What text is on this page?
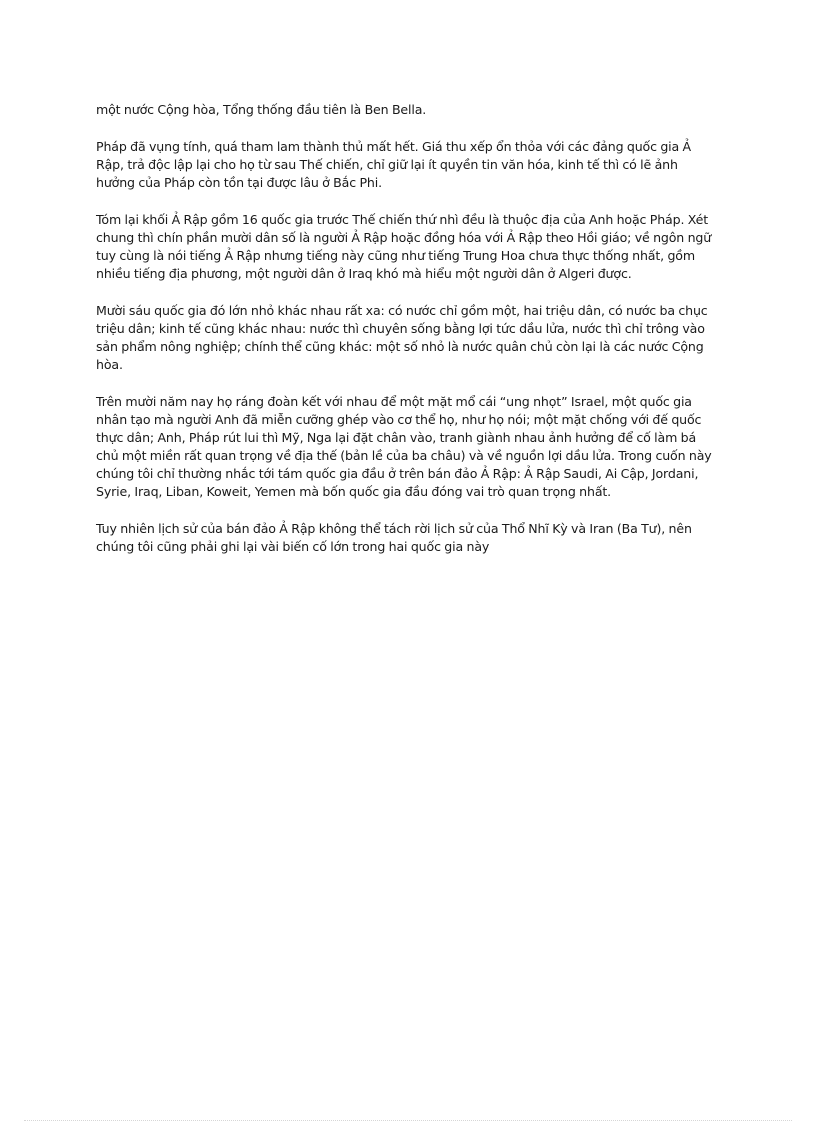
một nước Cộng hòa, Tổng thống đầu tiên là Ben Bella.

Pháp đã vụng tính, quá tham lam thành thủ mất hết. Giá thu xếp ổn thỏa với các đảng quốc gia Ả Rập, trả độc lập lại cho họ từ sau Thế chiến, chỉ giữ lại ít quyền tin văn hóa, kinh tế thì có lẽ ảnh hưởng của Pháp còn tồn tại được lâu ở Bắc Phi.

Tóm lại khối Ả Rập gồm 16 quốc gia trước Thế chiến thứ nhì đều là thuộc địa của Anh hoặc Pháp. Xét chung thì chín phần mười dân số là người Ả Rập hoặc đồng hóa với Ả Rập theo Hồi giáo; về ngôn ngữ tuy cùng là nói tiếng Ả Rập nhưng tiếng này cũng như tiếng Trung Hoa chưa thực thống nhất, gồm nhiều tiếng địa phương, một người dân ở Iraq khó mà hiểu một người dân ở Algeri được.

Mười sáu quốc gia đó lớn nhỏ khác nhau rất xa: có nước chỉ gồm một, hai triệu dân, có nước ba chục triệu dân; kinh tế cũng khác nhau: nước thì chuyên sống bằng lợi tức dầu lửa, nước thì chỉ trông vào sản phẩm nông nghiệp; chính thể cũng khác: một số nhỏ là nước quân chủ còn lại là các nước Cộng hòa.

Trên mười năm nay họ ráng đoàn kết với nhau để một mặt mổ cái “ung nhọt” Israel, một quốc gia nhân tạo mà người Anh đã miễn cưỡng ghép vào cơ thể họ, như họ nói; một mặt chống với đế quốc thực dân; Anh, Pháp rút lui thì Mỹ, Nga lại đặt chân vào, tranh giành nhau ảnh hưởng để cố làm bá chủ một miền rất quan trọng về địa thế (bản lề của ba châu) và về nguồn lợi dầu lửa. Trong cuốn này chúng tôi chỉ thường nhắc tới tám quốc gia đầu ở trên bán đảo Ả Rập: Ả Rập Saudi, Ai Cập, Jordani, Syrie, Iraq, Liban, Koweit, Yemen mà bốn quốc gia đầu đóng vai trò quan trọng nhất.

Tuy nhiên lịch sử của bán đảo Ả Rập không thể tách rời lịch sử của Thổ Nhĩ Kỳ và Iran (Ba Tư), nên chúng tôi cũng phải ghi lại vài biến cố lớn trong hai quốc gia này
